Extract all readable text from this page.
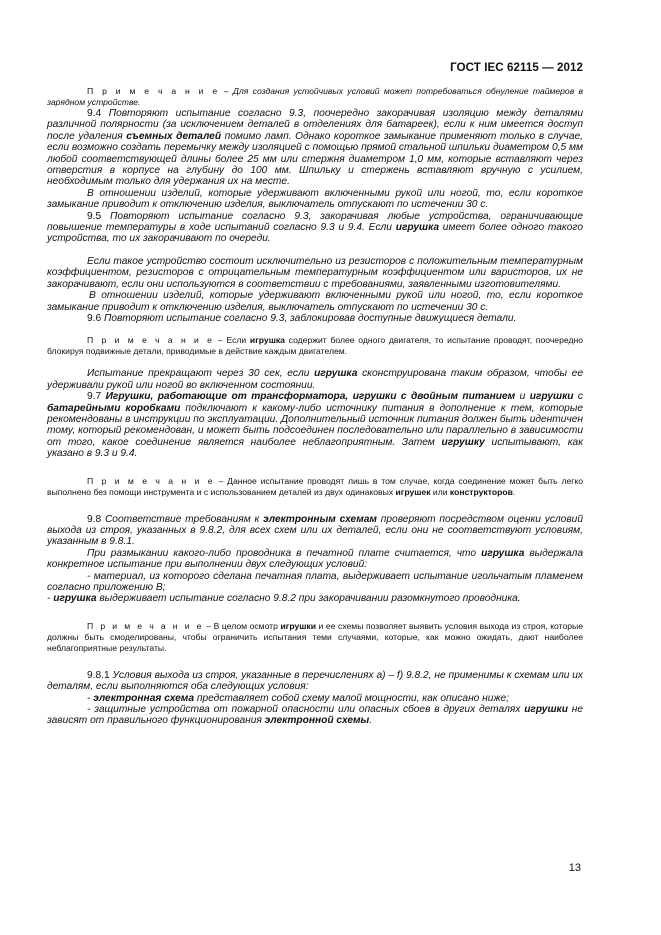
ГОСТ IEC 62115 — 2012

П р и м е ч а н и е – Для создания устойчивых условий может потребоваться обнуление таймеров в зарядном устройстве.

9.4 Повторяют испытание согласно 9.3, поочередно закорачивая изоляцию между деталями различной полярности (за исключением деталей в отделениях для батареек), если к ним имеется доступ после удаления съемных деталей помимо ламп. Однако короткое замыкание применяют только в случае, если возможно создать перемычку между изоляцией с помощью прямой стальной шпильки диаметром 0,5 мм любой соответствующей длины более 25 мм или стержня диаметром 1,0 мм, которые вставляют через отверстия в корпусе на глубину до 100 мм. Шпильку и стержень вставляют вручную с усилием, необходимым только для удержания их на месте.

В отношении изделий, которые удерживают включенными рукой или ногой, то, если короткое замыкание приводит к отключению изделия, выключатель отпускают по истечении 30 с.

9.5 Повторяют испытание согласно 9.3, закорачивая любые устройства, ограничивающие повышение температуры в ходе испытаний согласно 9.3 и 9.4. Если игрушка имеет более одного такого устройства, то их закорачивают по очереди.

Если такое устройство состоит исключительно из резисторов с положительным температурным коэффициентом, резисторов с отрицательным температурным коэффициентом или варисторов, их не закорачивают, если они используются в соответствии с требованиями, заявленными изготовителями.

В отношении изделий, которые удерживают включенными рукой или ногой, то, если короткое замыкание приводит к отключению изделия, выключатель отпускают по истечении 30 с.

9.6 Повторяют испытание согласно 9.3, заблокировав доступные движущиеся детали.

П р и м е ч а н и е – Если игрушка содержит более одного двигателя, то испытание проводят, поочередно блокируя подвижные детали, приводимые в действие каждым двигателем.

Испытание прекращают через 30 сек, если игрушка сконструирована таким образом, чтобы ее удерживали рукой или ногой во включенном состоянии.

9.7 Игрушки, работающие от трансформатора, игрушки с двойным питанием и игрушки с батарейными коробками подключают к какому-либо источнику питания в дополнение к тем, которые рекомендованы в инструкции по эксплуатации. Дополнительный источник питания должен быть идентичен тому, который рекомендован, и может быть подсоединен последовательно или параллельно в зависимости от того, какое соединение является наиболее неблагоприятным. Затем игрушку испытывают, как указано в 9.3 и 9.4.

П р и м е ч а н и е – Данное испытание проводят лишь в том случае, когда соединение может быть легко выполнено без помощи инструмента и с использованием деталей из двух одинаковых игрушек или конструкторов.

9.8 Соответствие требованиям к электронным схемам проверяют посредством оценки условий выхода из строя, указанных в 9.8.2, для всех схем или их деталей, если они не соответствуют условиям, указанным в 9.8.1.

При размыкании какого-либо проводника в печатной плате считается, что игрушка выдержала конкретное испытание при выполнении двух следующих условий:

- материал, из которого сделана печатная плата, выдерживает испытание игольчатым пламенем согласно приложению В;

- игрушка выдерживает испытание согласно 9.8.2 при закорачивании разомкнутого проводника.

П р и м е ч а н и е – В целом осмотр игрушки и ее схемы позволяет выявить условия выхода из строя, которые должны быть смоделированы, чтобы ограничить испытания теми случаями, которые, как можно ожидать, дают наиболее неблагоприятные результаты.

9.8.1 Условия выхода из строя, указанные в перечислениях a) – f) 9.8.2, не применимы к схемам или их деталям, если выполняются оба следующих условия:

- электронная схема представляет собой схему малой мощности, как описано ниже;

- защитные устройства от пожарной опасности или опасных сбоев в других деталях игрушки не зависят от правильного функционирования электронной схемы.

13
